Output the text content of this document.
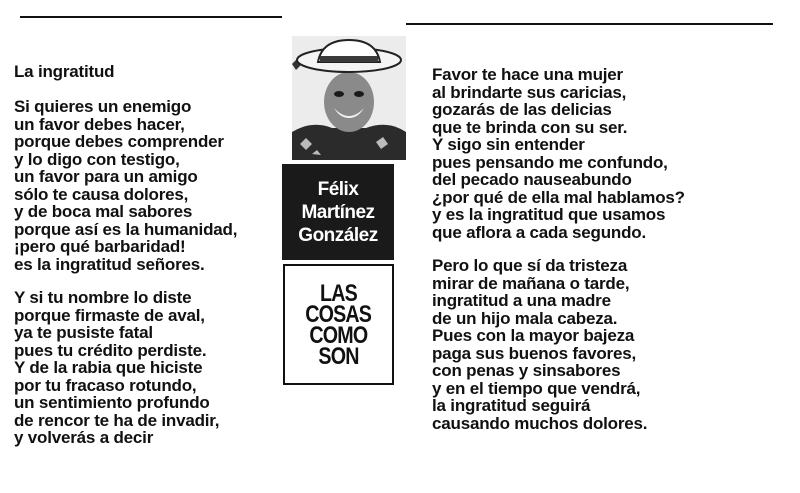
La ingratitud
Si quieres un enemigo
un favor debes hacer,
porque debes comprender
y lo digo con testigo,
un favor para un amigo
sólo te causa dolores,
y de boca mal sabores
porque así es la humanidad,
¡pero qué barbaridad!
es la ingratitud señores.
Y si tu nombre lo diste
porque firmaste de aval,
ya te pusiste fatal
pues tu crédito perdiste.
Y de la rabia que hiciste
por tu fracaso rotundo,
un sentimiento profundo
de rencor te ha de invadir,
y volverás a decir
Félix
Martínez
González
LAS
COSAS
COMO
SON
Favor te hace una mujer
al brindarte sus caricias,
gozarás de las delicias
que te brinda con su ser.
Y sigo sin entender
pues pensando me confundo,
del pecado nauseabundo
¿por qué de ella mal hablamos?
y es la ingratitud que usamos
que aflora a cada segundo.
Pero lo que sí da tristeza
mirar de mañana o tarde,
ingratitud a una madre
de un hijo mala cabeza.
Pues con la mayor bajeza
paga sus buenos favores,
con penas y sinsabores
y en el tiempo que vendrá,
la ingratitud seguirá
causando muchos dolores.
